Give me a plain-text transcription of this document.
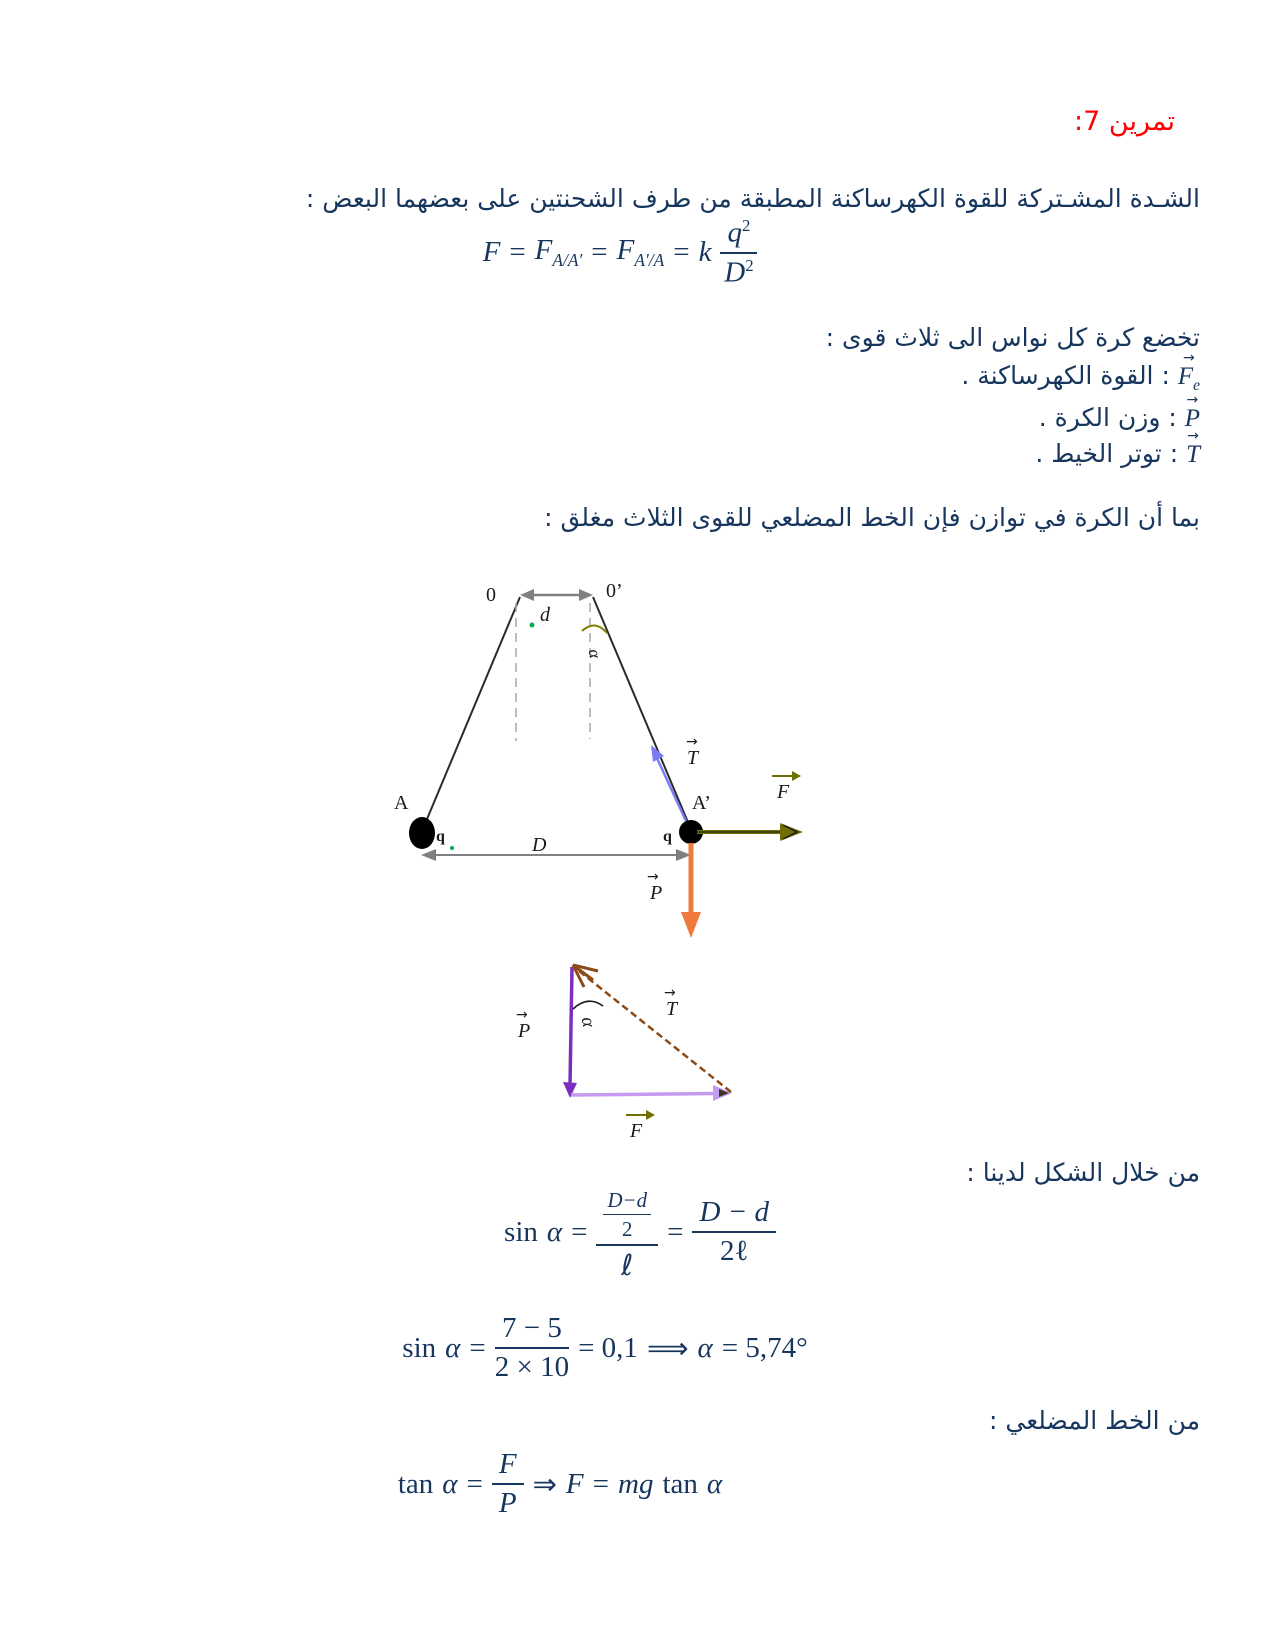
تمرين 7:
الشـدة المشـتركة للقوة الكهرساكنة المطبقة من طرف الشحنتين على بعضهما البعض :
$F = F_{A/A'} = F_{A'/A} = k \frac{q^2}{D^2}$
تخضع كرة كل نواس الى ثلاث قوى :
→
$F_e$ : القوة الكهرساكنة .
→
P : وزن الكرة .
→
T : توتر الخيط .
بما أن الكرة في توازن فإن الخط المضلعي للقوى الثلاث مغلق :
0	0’
d
α
A	A’
q	q
D
→
T
F
→
P
α
→
P
→
T
F
من خلال الشكل لدينا :
$\sin \alpha = \frac{\frac{D-d}{2}}{\text{ℓ}} = \frac{D - d}{\text{2ℓ}}$
$\sin \alpha = \frac{7 - 5}{2 \times 10} = 0,1$ ⟹ α = 5,74°
من الخط المضلعي :
$\tan \alpha = \frac{F}{P}$ ⇒ F = mg tan α
